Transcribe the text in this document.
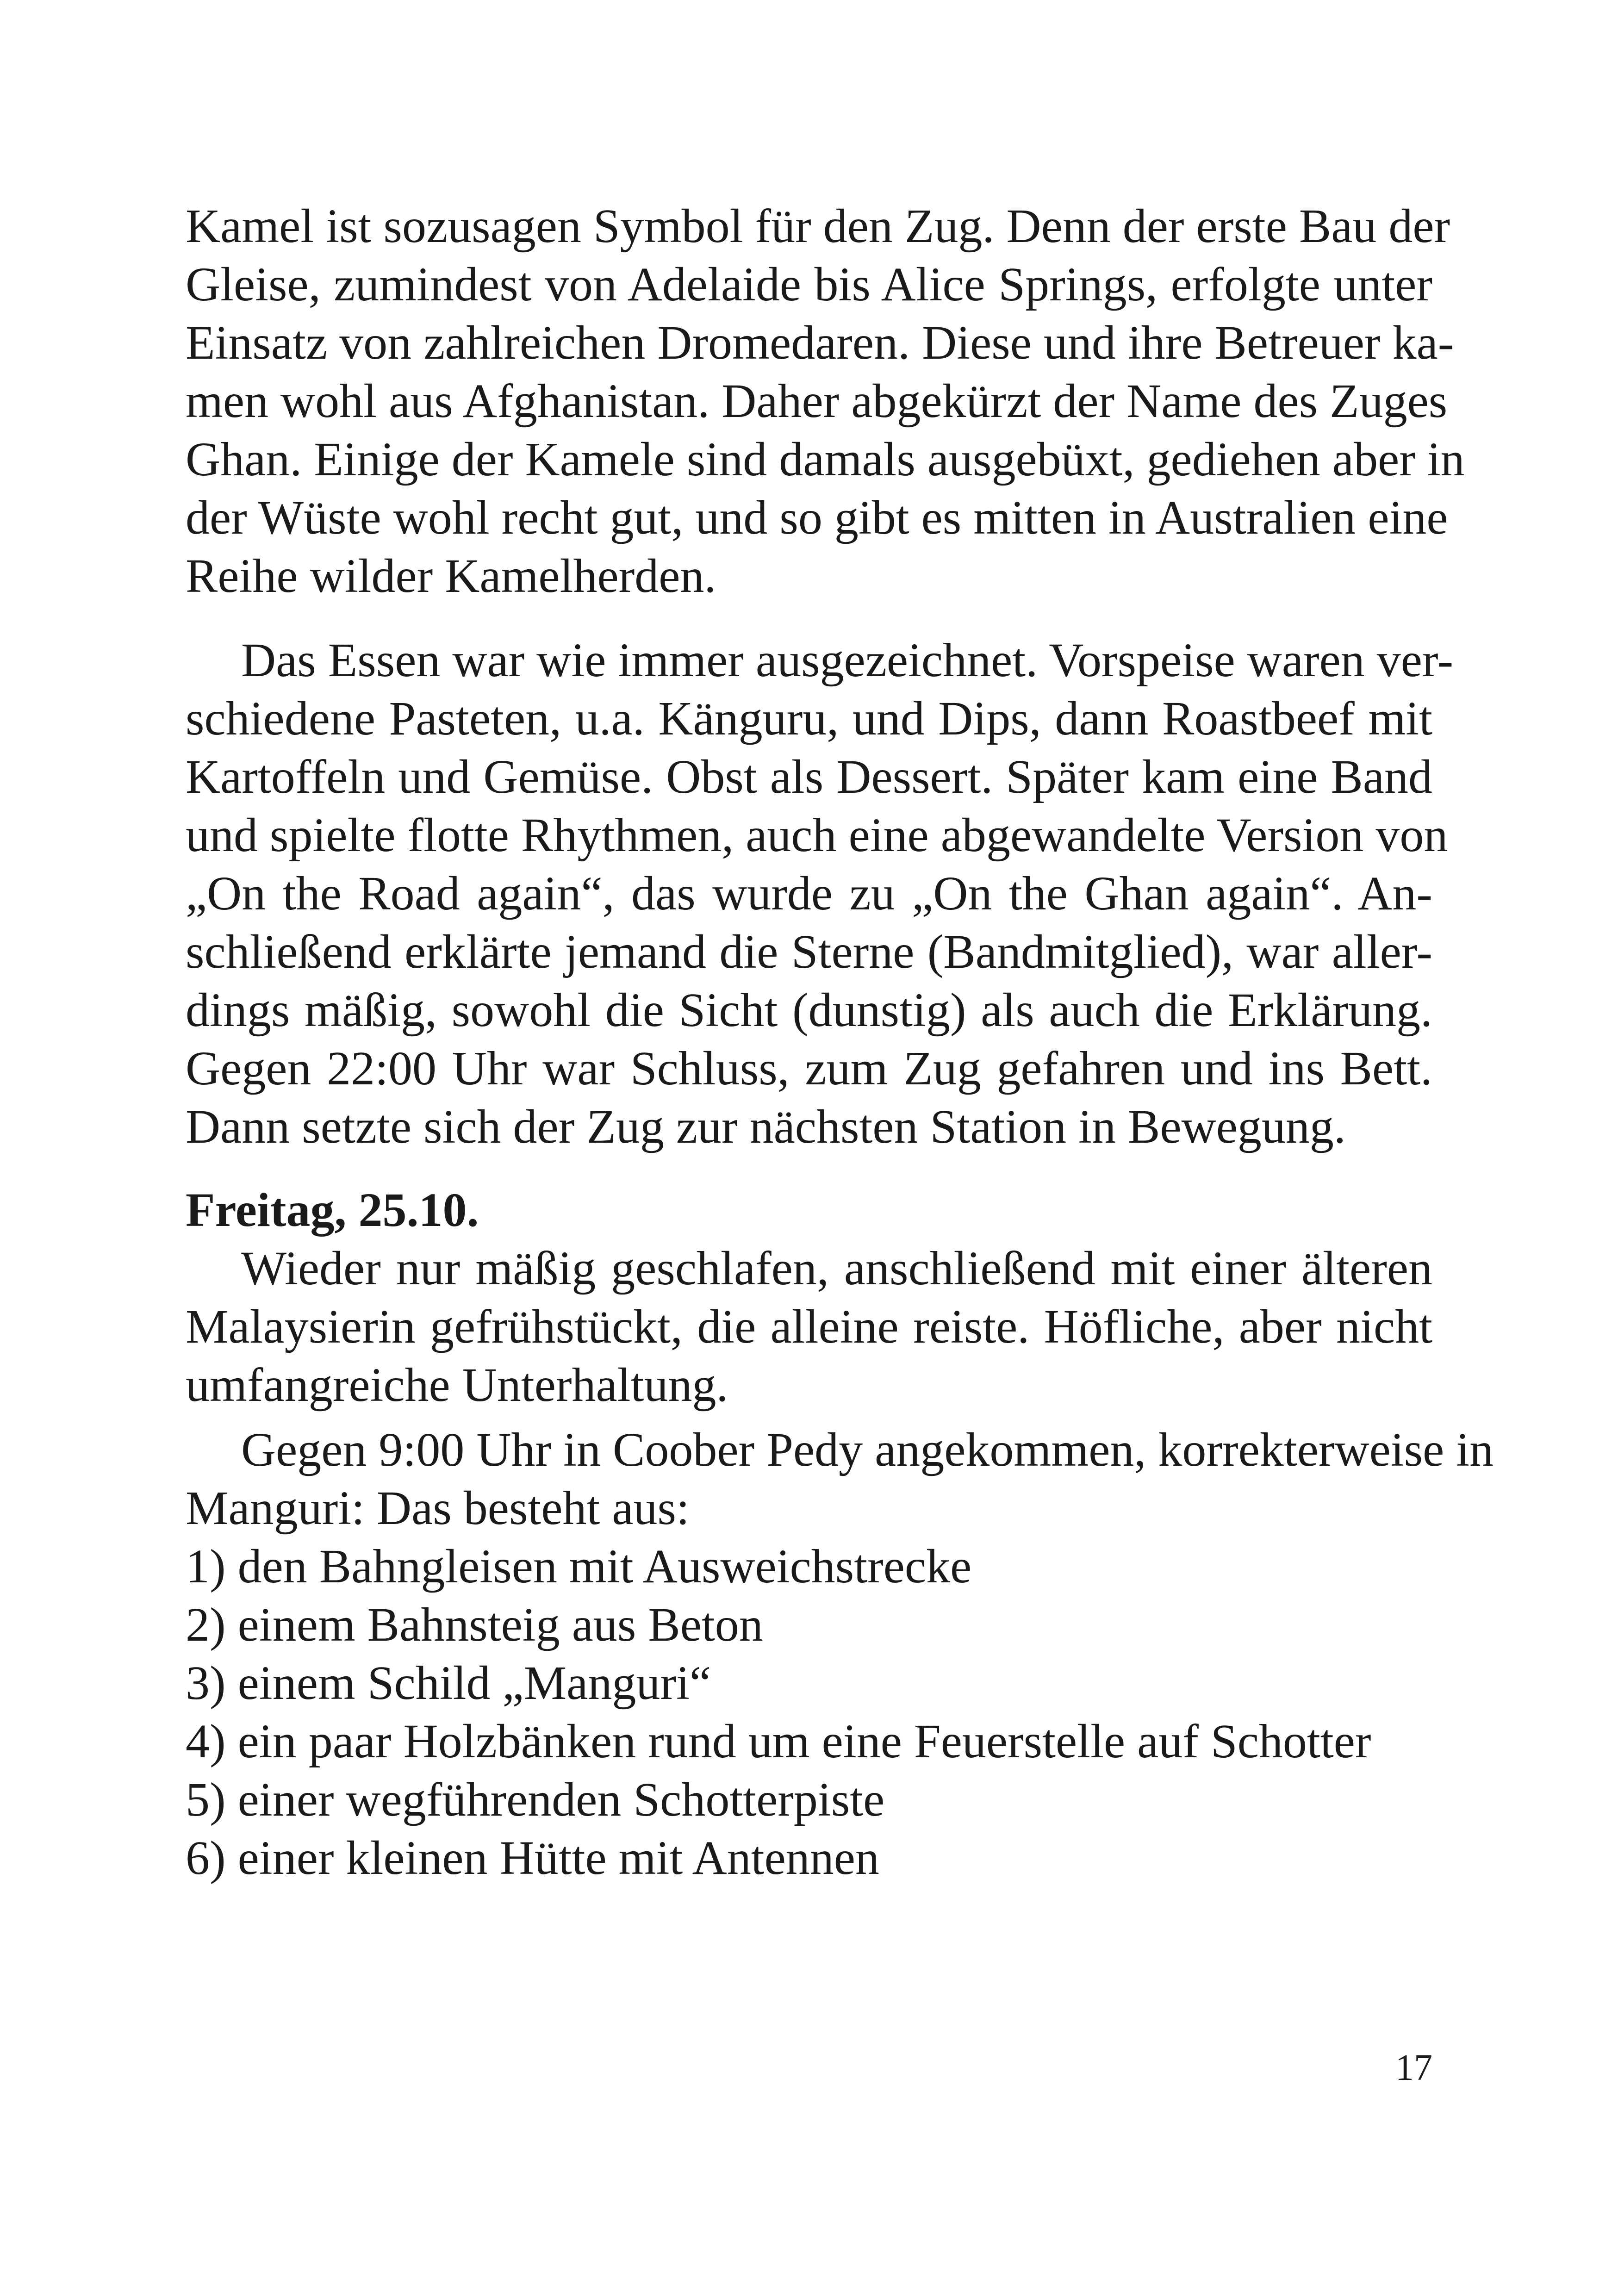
Kamel ist sozusagen Symbol für den Zug. Denn der erste Bau der
Gleise, zumindest von Adelaide bis Alice Springs, erfolgte unter
Einsatz von zahlreichen Dromedaren. Diese und ihre Betreuer ka-
men wohl aus Afghanistan. Daher abgekürzt der Name des Zuges
Ghan. Einige der Kamele sind damals ausgebüxt, gediehen aber in
der Wüste wohl recht gut, und so gibt es mitten in Australien eine
Reihe wilder Kamelherden.
Das Essen war wie immer ausgezeichnet. Vorspeise waren ver-
schiedene Pasteten, u.a. Känguru, und Dips, dann Roastbeef mit
Kartoffeln und Gemüse. Obst als Dessert. Später kam eine Band
und spielte flotte Rhythmen, auch eine abgewandelte Version von
„On the Road again“, das wurde zu „On the Ghan again“. An-
schließend erklärte jemand die Sterne (Bandmitglied), war aller-
dings mäßig, sowohl die Sicht (dunstig) als auch die Erklärung.
Gegen 22:00 Uhr war Schluss, zum Zug gefahren und ins Bett.
Dann setzte sich der Zug zur nächsten Station in Bewegung.

Freitag, 25.10.

Wieder nur mäßig geschlafen, anschließend mit einer älteren
Malaysierin gefrühstückt, die alleine reiste. Höfliche, aber nicht
umfangreiche Unterhaltung.
Gegen 9:00 Uhr in Coober Pedy angekommen, korrekterweise in
Manguri: Das besteht aus:
1) den Bahngleisen mit Ausweichstrecke
2) einem Bahnsteig aus Beton
3) einem Schild „Manguri“
4) ein paar Holzbänken rund um eine Feuerstelle auf Schotter
5) einer wegführenden Schotterpiste
6) einer kleinen Hütte mit Antennen
17
